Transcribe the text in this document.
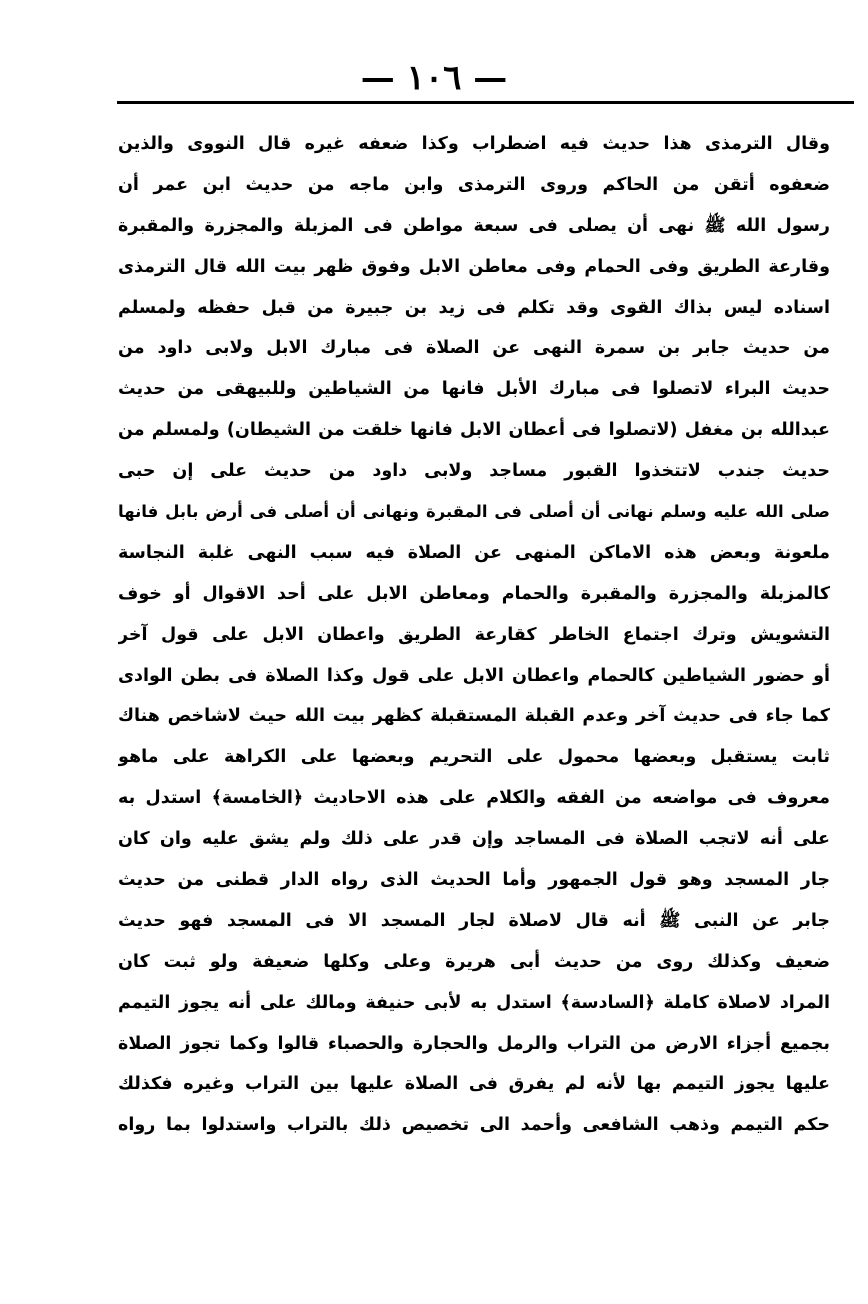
— ١٠٦ —
وقال الترمذى هذا حديث فيه اضطراب وكذا ضعفه غيره قال النووى والذين
ضعفوه أتقن من الحاكم وروى الترمذى وابن ماجه من حديث ابن عمر أن
رسول الله ﷺ نهى أن يصلى فى سبعة مواطن فى المزبلة والمجزرة والمقبرة
وقارعة الطريق وفى الحمام وفى معاطن الابل وفوق ظهر بيت الله قال الترمذى
اسناده ليس بذاك القوى وقد تكلم فى زيد بن جبيرة من قبل حفظه ولمسلم
من حديث جابر بن سمرة النهى عن الصلاة فى مبارك الابل ولابى داود من
حديث البراء لاتصلوا فى مبارك الأبل فانها من الشياطين وللبيهقى من حديث
عبدالله بن مغفل (لاتصلوا فى أعطان الابل فانها خلقت من الشيطان) ولمسلم من
حديث جندب لاتتخذوا القبور مساجد ولابى داود من حديث على إن حبى
صلى الله عليه وسلم نهانى أن أصلى فى المقبرة ونهانى أن أصلى فى أرض بابل فانها
ملعونة وبعض هذه الاماكن المنهى عن الصلاة فيه سبب النهى غلبة النجاسة
كالمزبلة والمجزرة والمقبرة والحمام ومعاطن الابل على أحد الاقوال أو خوف
التشويش وترك اجتماع الخاطر كقارعة الطريق واعطان الابل على قول آخر
أو حضور الشياطين كالحمام واعطان الابل على قول وكذا الصلاة فى بطن الوادى
كما جاء فى حديث آخر وعدم القبلة المستقبلة كظهر بيت الله حيث لاشاخص هناك
ثابت يستقبل وبعضها محمول على التحريم وبعضها على الكراهة على ماهو
معروف فى مواضعه من الفقه والكلام على هذه الاحاديث ﴿الخامسة﴾ استدل به
على أنه لاتجب الصلاة فى المساجد وإن قدر على ذلك ولم يشق عليه وان كان
جار المسجد وهو قول الجمهور وأما الحديث الذى رواه الدار قطنى من حديث
جابر عن النبى ﷺ أنه قال لاصلاة لجار المسجد الا فى المسجد فهو حديث
ضعيف وكذلك روى من حديث أبى هريرة وعلى وكلها ضعيفة ولو ثبت كان
المراد لاصلاة كاملة ﴿السادسة﴾ استدل به لأبى حنيفة ومالك على أنه يجوز التيمم
بجميع أجزاء الارض من التراب والرمل والحجارة والحصباء قالوا وكما تجوز الصلاة
عليها يجوز التيمم بها لأنه لم يفرق فى الصلاة عليها بين التراب وغيره فكذلك
حكم التيمم وذهب الشافعى وأحمد الى تخصيص ذلك بالتراب واستدلوا بما رواه
